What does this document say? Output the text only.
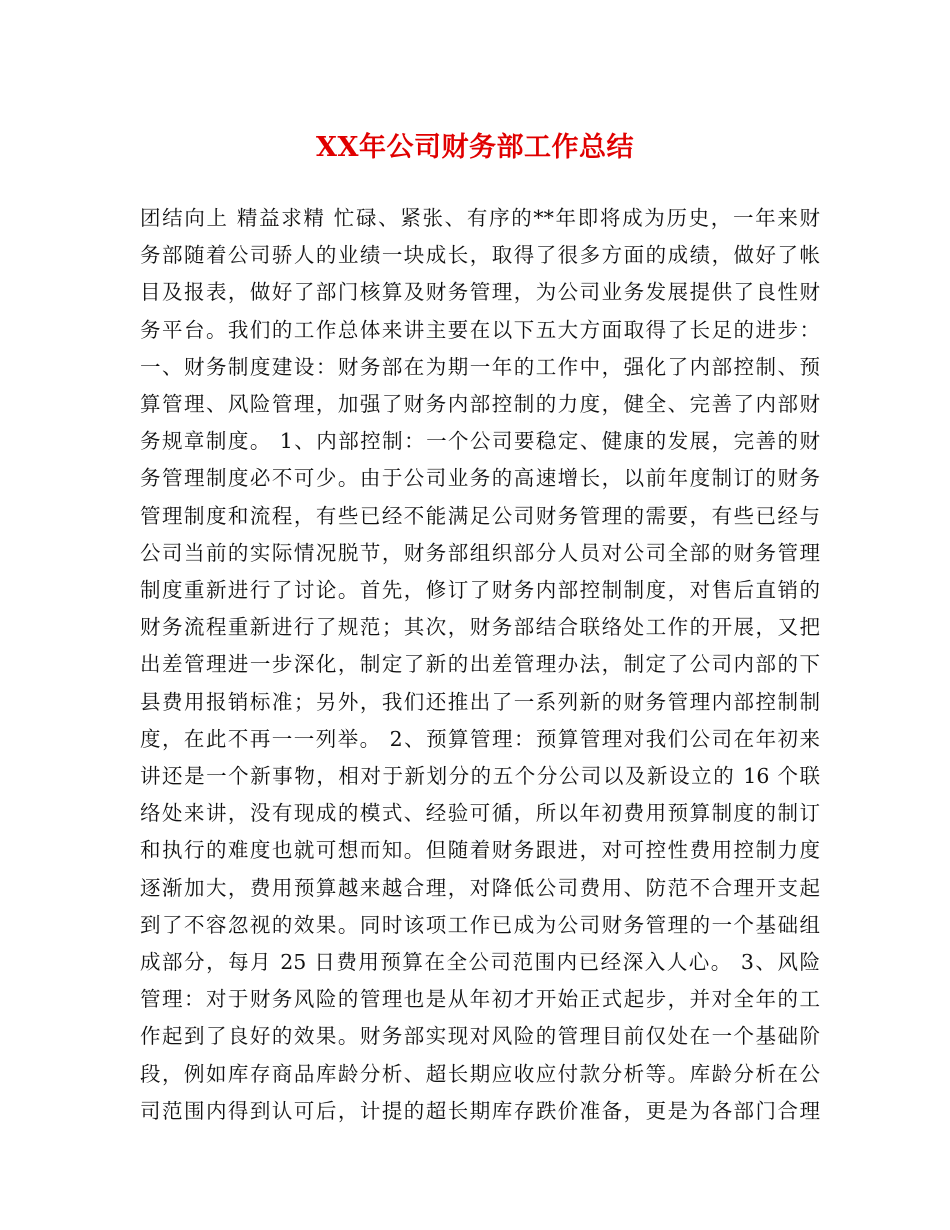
XX年公司财务部工作总结
团结向上 精益求精 忙碌、紧张、有序的**年即将成为历史，一年来财
务部随着公司骄人的业绩一块成长，取得了很多方面的成绩，做好了帐
目及报表，做好了部门核算及财务管理，为公司业务发展提供了良性财
务平台。我们的工作总体来讲主要在以下五大方面取得了长足的进步：
一、财务制度建设：财务部在为期一年的工作中，强化了内部控制、预
算管理、风险管理，加强了财务内部控制的力度，健全、完善了内部财
务规章制度。 1、内部控制：一个公司要稳定、健康的发展，完善的财
务管理制度必不可少。由于公司业务的高速增长，以前年度制订的财务
管理制度和流程，有些已经不能满足公司财务管理的需要，有些已经与
公司当前的实际情况脱节，财务部组织部分人员对公司全部的财务管理
制度重新进行了讨论。首先，修订了财务内部控制制度，对售后直销的
财务流程重新进行了规范；其次，财务部结合联络处工作的开展，又把
出差管理进一步深化，制定了新的出差管理办法，制定了公司内部的下
县费用报销标准；另外，我们还推出了一系列新的财务管理内部控制制
度，在此不再一一列举。 2、预算管理：预算管理对我们公司在年初来
讲还是一个新事物，相对于新划分的五个分公司以及新设立的 16 个联
络处来讲，没有现成的模式、经验可循，所以年初费用预算制度的制订
和执行的难度也就可想而知。但随着财务跟进，对可控性费用控制力度
逐渐加大，费用预算越来越合理，对降低公司费用、防范不合理开支起
到了不容忽视的效果。同时该项工作已成为公司财务管理的一个基础组
成部分，每月 25 日费用预算在全公司范围内已经深入人心。 3、风险
管理：对于财务风险的管理也是从年初才开始正式起步，并对全年的工
作起到了良好的效果。财务部实现对风险的管理目前仅处在一个基础阶
段，例如库存商品库龄分析、超长期应收应付款分析等。库龄分析在公
司范围内得到认可后，计提的超长期库存跌价准备，更是为各部门合理
